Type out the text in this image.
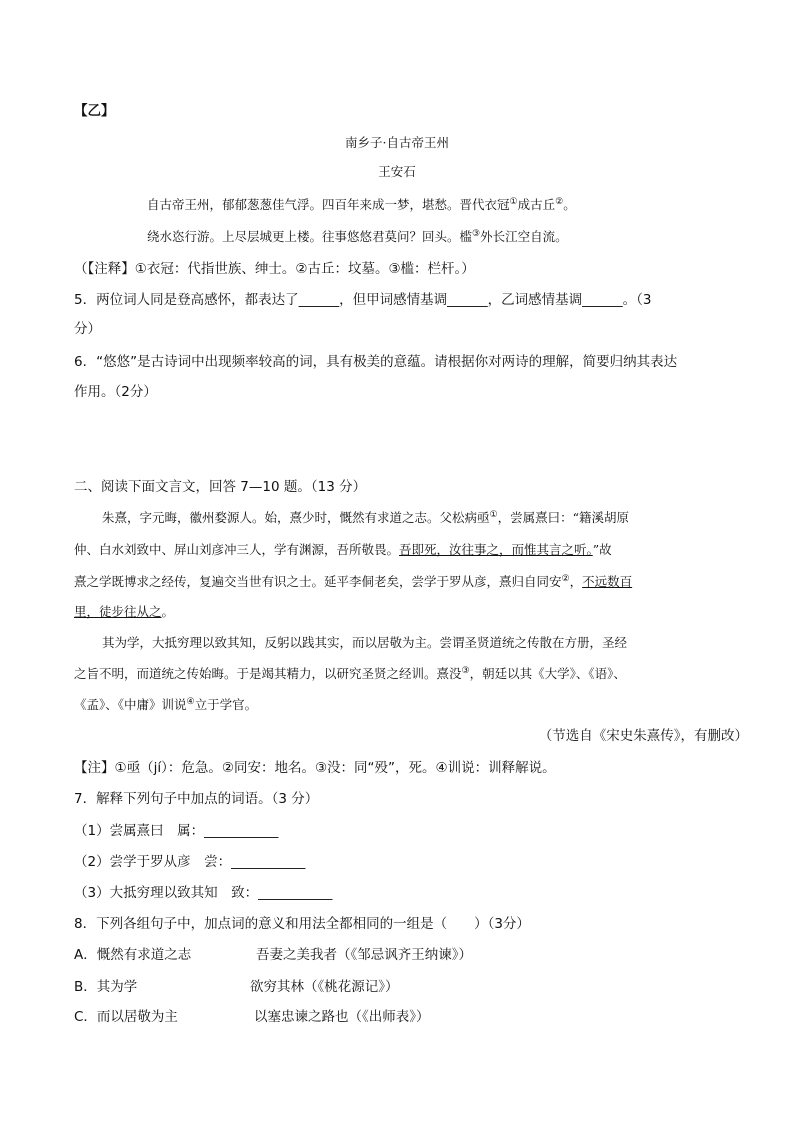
【乙】
南乡子·自古帝王州
王安石
自古帝王州，郁郁葱葱佳气浮。四百年来成一梦，堪愁。晋代衣冠①成古丘②。
绕水恣行游。上尽层城更上楼。往事悠悠君莫问？回头。槛③外长江空自流。
（【注释】①衣冠：代指世族、绅士。②古丘：坟墓。③槛：栏杆。）
5．两位词人同是登高感怀，都表达了______，但甲词感情基调______，乙词感情基调______。（3
分）
6．“悠悠”是古诗词中出现频率较高的词，具有极美的意蕴。请根据你对两诗的理解，简要归纳其表达
作用。（2分）
二、阅读下面文言文，回答 7—10 题。（13 分）
朱熹，字元晦，徽州婺源人。始，熹少时，慨然有求道之志。父松病亟①，尝属熹曰：“籍溪胡原
仲、白水刘致中、屏山刘彦冲三人，学有渊源，吾所敬畏。吾即死，汝往事之，而惟其言之听。”故
熹之学既博求之经传，复遍交当世有识之士。延平李侗老矣，尝学于罗从彦，熹归自同安②，不远数百
里，徒步往从之。
其为学，大抵穷理以致其知，反躬以践其实，而以居敬为主。尝谓圣贤道统之传散在方册，圣经
之旨不明，而道统之传始晦。于是竭其精力，以研究圣贤之经训。熹没③，朝廷以其《大学》、《语》、
《孟》、《中庸》训说④立于学官。
（节选自《宋史朱熹传》，有删改）
【注】①亟（jí）：危急。②同安：地名。③没：同“殁”，死。④训说：训释解说。
7．解释下列句子中加点的词语。（3 分）
（1）尝属熹曰　属：___________
（2）尝学于罗从彦　尝：___________
（3）大抵穷理以致其知　致：___________
8．下列各组句子中，加点词的意义和用法全都相同的一组是（　　）（3分）
A．慨然有求道之志	吾妻之美我者（《邹忌讽齐王纳谏》）
B．其为学	欲穷其林（《桃花源记》）
C．而以居敬为主	以塞忠谏之路也（《出师表》）
